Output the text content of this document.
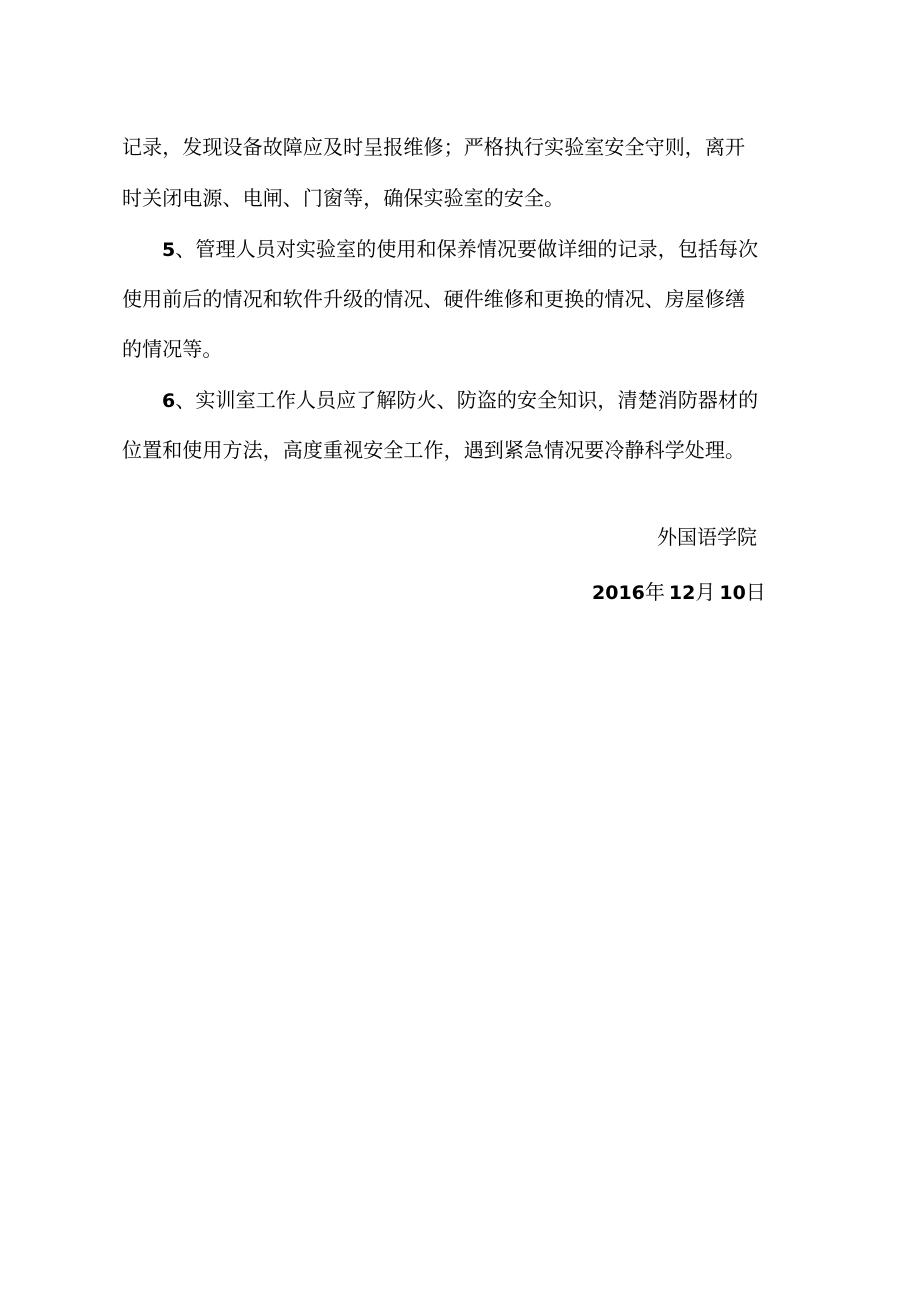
记录，发现设备故障应及时呈报维修；严格执行实验室安全守则，离开
时关闭电源、电闸、门窗等，确保实验室的安全。
5、管理人员对实验室的使用和保养情况要做详细的记录，包括每次
使用前后的情况和软件升级的情况、硬件维修和更换的情况、房屋修缮
的情况等。
6、实训室工作人员应了解防火、防盗的安全知识，清楚消防器材的
位置和使用方法，高度重视安全工作，遇到紧急情况要冷静科学处理。
外国语学院
2016年 12月 10日
